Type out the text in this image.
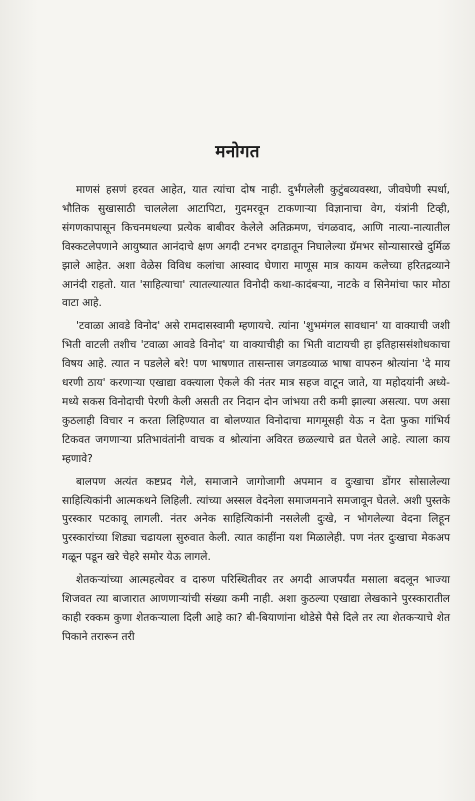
मनोगत

माणसं हसणं हरवत आहेत, यात त्यांचा दोष नाही. दुर्भंगलेली कुटुंबव्यवस्था, जीवघेणी स्पर्धा, भौतिक सुखासाठी चाललेला आटापिटा, गुदमरवून टाकणाऱ्या विज्ञानाचा वेग, यंत्रांनी टिव्ही, संगणकापासून किचनमधल्या प्रत्येक बाबीवर केलेले अतिक्रमण, चंगळवाद, आणि नात्या-नात्यातील विस्कटलेपणाने आयुष्यात आनंदाचे क्षण अगदी टनभर दगडातून निघालेल्या ग्रॅमभर सोन्यासारखे दुर्मिळ झाले आहेत. अशा वेळेस विविध कलांचा आस्वाद घेणारा माणूस मात्र कायम कलेच्या हरितद्रव्याने आनंदी राहतो. यात 'साहित्याचा' त्यातल्यात्यात विनोदी कथा-कादंबऱ्या, नाटके व सिनेमांचा फार मोठा वाटा आहे.

'टवाळा आवडे विनोद' असे रामदासस्वामी म्हणायचे. त्यांना 'शुभमंगल सावधान' या वाक्याची जशी भिती वाटली तशीच 'टवाळा आवडे विनोद' या वाक्याचीही का भिती वाटायची हा इतिहाससंशोधकाचा विषय आहे. त्यात न पडलेले बरे! पण भाषणात तासन्तास जगडव्याळ भाषा वापरुन श्रोत्यांना 'दे माय धरणी ठाय' करणाऱ्या एखाद्या वक्त्याला ऐकले की नंतर मात्र सहज वाटून जाते, या महोदयांनी अध्ये-मध्ये सकस विनोदाची पेरणी केली असती तर निदान दोन जांभया तरी कमी झाल्या असत्या. पण असा कुठलाही विचार न करता लिहिण्यात वा बोलण्यात विनोदाचा मागमूसही येऊ न देता फुका गांभिर्य टिकवत जगणाऱ्या प्रतिभावंतांनी वाचक व श्रोत्यांना अविरत छळल्याचे व्रत घेतले आहे. त्याला काय म्हणावे?

बालपण अत्यंत कष्टप्रद गेले, समाजाने जागोजागी अपमान व दुःखाचा डोंगर सोसालेल्या साहित्यिकांनी आत्मकथने लिहिली. त्यांच्या अस्सल वेदनेला समाजमनाने समजावून घेतले. अशी पुस्तके पुरस्कार पटकावू लागली. नंतर अनेक साहित्यिकांनी नसलेली दुःखे, न भोगलेल्या वेदना लिहून पुरस्कारांच्या शिड्या चढायला सुरुवात केली. त्यात काहींना यश मिळालेही. पण नंतर दुःखाचा मेकअप गळून पडून खरे चेहरे समोर येऊ लागले.

शेतकऱ्यांच्या आत्महत्येवर व दारुण परिस्थितीवर तर अगदी आजपर्यंत मसाला बदलून भाज्या शिजवत त्या बाजारात आणणाऱ्यांची संख्या कमी नाही. अशा कुठल्या एखाद्या लेखकाने पुरस्कारातील काही रक्कम कुणा शेतकऱ्याला दिली आहे का? बी-बियाणांना थोडेसे पैसे दिले तर त्या शेतकऱ्याचे शेत पिकाने तरारून तरी
